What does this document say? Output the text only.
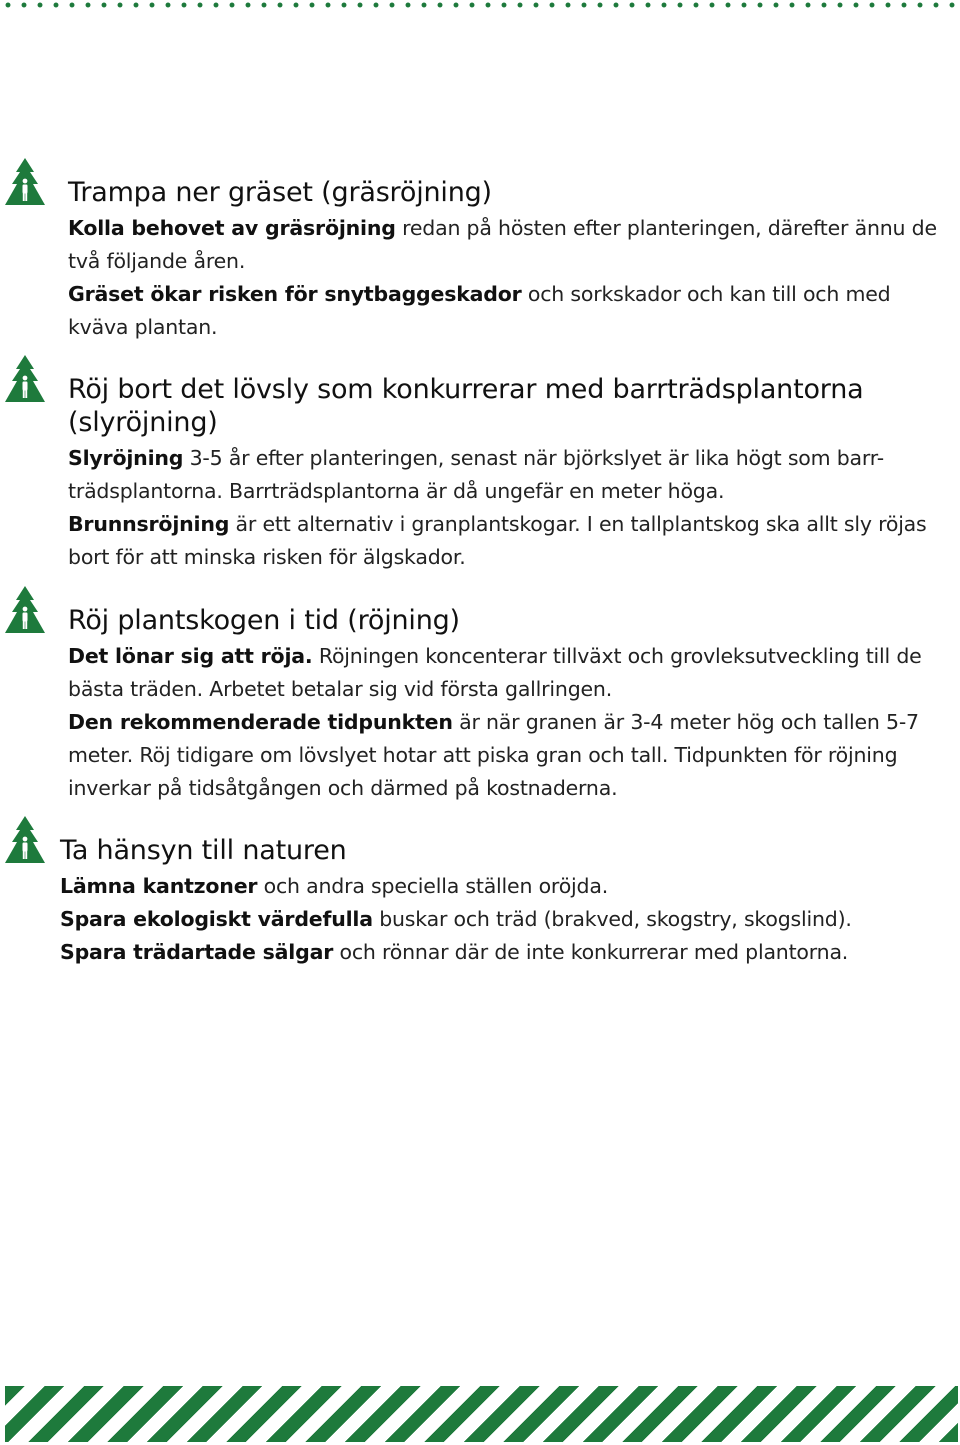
Trampa ner gräset (gräsröjning)

Kolla behovet av gräsröjning redan på hösten efter planteringen, därefter ännu de två följande åren.

Gräset ökar risken för snytbaggeskador och sorkskador och kan till och med kväva plantan.

Röj bort det lövsly som konkurrerar med barrträdsplantorna (slyröjning)

Slyröjning 3-5 år efter planteringen, senast när björkslyet är lika högt som barr-trädsplantorna. Barrträdsplantorna är då ungefär en meter höga.

Brunnsröjning är ett alternativ i granplantskogar. I en tallplantskog ska allt sly röjas bort för att minska risken för älgskador.

Röj plantskogen i tid (röjning)

Det lönar sig att röja. Röjningen koncenterar tillväxt och grovleksutveckling till de bästa träden. Arbetet betalar sig vid första gallringen.

Den rekommenderade tidpunkten är när granen är 3-4 meter hög och tallen 5-7 meter. Röj tidigare om lövslyet hotar att piska gran och tall. Tidpunkten för röjning inverkar på tidsåtgången och därmed på kostnaderna.

Ta hänsyn till naturen

Lämna kantzoner och andra speciella ställen oröjda.

Spara ekologiskt värdefulla buskar och träd (brakved, skogstry, skogslind).

Spara trädartade sälgar och rönnar där de inte konkurrerar med plantorna.
